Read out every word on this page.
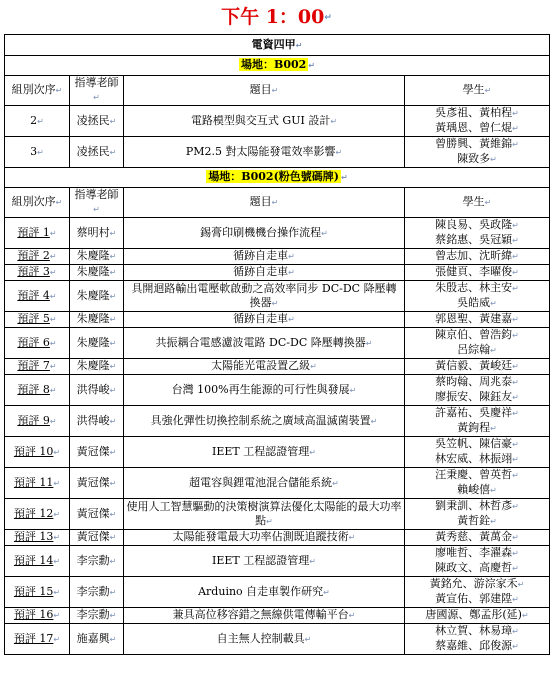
下午 1：00↵
電資四甲↵			

場地：B002 ↵			

組別次序↵	指導老師↵	題目↵	學生↵
2↵	凌拯民↵	電路模型與交互式 GUI 設計↵	吳彥祖、黃柏程↵
黃瑀恩、曾仁焜↵

3↵	凌拯民↵	PM2.5 對太陽能發電效率影響↵	曾勝興、黃維錦↵
陳致多↵

場地：B002(粉色號碼牌) ↵			

組別次序↵	指導老師↵	題目↵	學生↵
預評 1↵	蔡明村↵	錫膏印刷機機台操作流程↵	陳良易、吳政隆↵
蔡銘惠、吳冠穎↵

預評 2↵	朱慶隆↵	循跡自走車↵	曾志加、沈昕緯↵

預評 3↵	朱慶隆↵	循跡自走車↵	張健頁、李曜俊↵

預評 4↵	朱慶隆↵	具開迴路輸出電壓軟啟動之高效率同步 DC-DC 降壓轉換器↵	朱殷志、林主安↵
吳皓威↵

預評 5↵	朱慶隆↵	循跡自走車↵	郭恩聖、黃建嘉↵

預評 6↵	朱慶隆↵	共振耦合電感濾波電路 DC-DC 降壓轉換器↵	陳京伯、曾浩鈞↵
呂綜翰↵

預評 7↵	朱慶隆↵	太陽能光電設置乙級↵	黃信毅、黃峻廷↵

預評 8↵	洪得峻↵	台灣 100%再生能源的可行性與發展↵	蔡昀翰、周兆泰↵
廖振安、陳鈺友↵

預評 9↵	洪得峻↵	具強化彈性切換控制系統之廣域高温滅菌裝置↵	許嘉祐、吳慶祥↵
黃鉤程↵

預評 10↵	黃冠傑↵	IEET 工程認證管理↵	吳笠帆、陳信豪↵
林宏威、林振翊↵

預評 11↵	黃冠傑↵	超電容與鋰電池混合儲能系統↵	汪秉慶、曾英哲↵
賴峻僖↵

預評 12↵	黃冠傑↵	使用人工智慧驅動的決策樹演算法優化太陽能的最大功率點↵	劉秉訓、林哲彥↵
黃哲銓↵

預評 13↵	黃冠傑↵	太陽能發電最大功率佔測既追蹤技術↵	黃秀慈、黃萬金↵

預評 14↵	李宗勳↵	IEET 工程認證管理↵	廖唯哲、李濯森↵
陳政文、高慶哲↵

預評 15↵	李宗勳↵	Arduino 自走車製作研究↵	黃銘允、游淙家禾↵
黃宣佑、郭建陞↵

預評 16↵	李宗勳↵	兼具高位移容錯之無線供電傳輸平台↵	唐國源、鄭孟彤(延)↵

預評 17↵	施嘉興↵	自主無人控制載具↵	林立賀、林易璋↵
蔡嘉維、邱俊源↵
